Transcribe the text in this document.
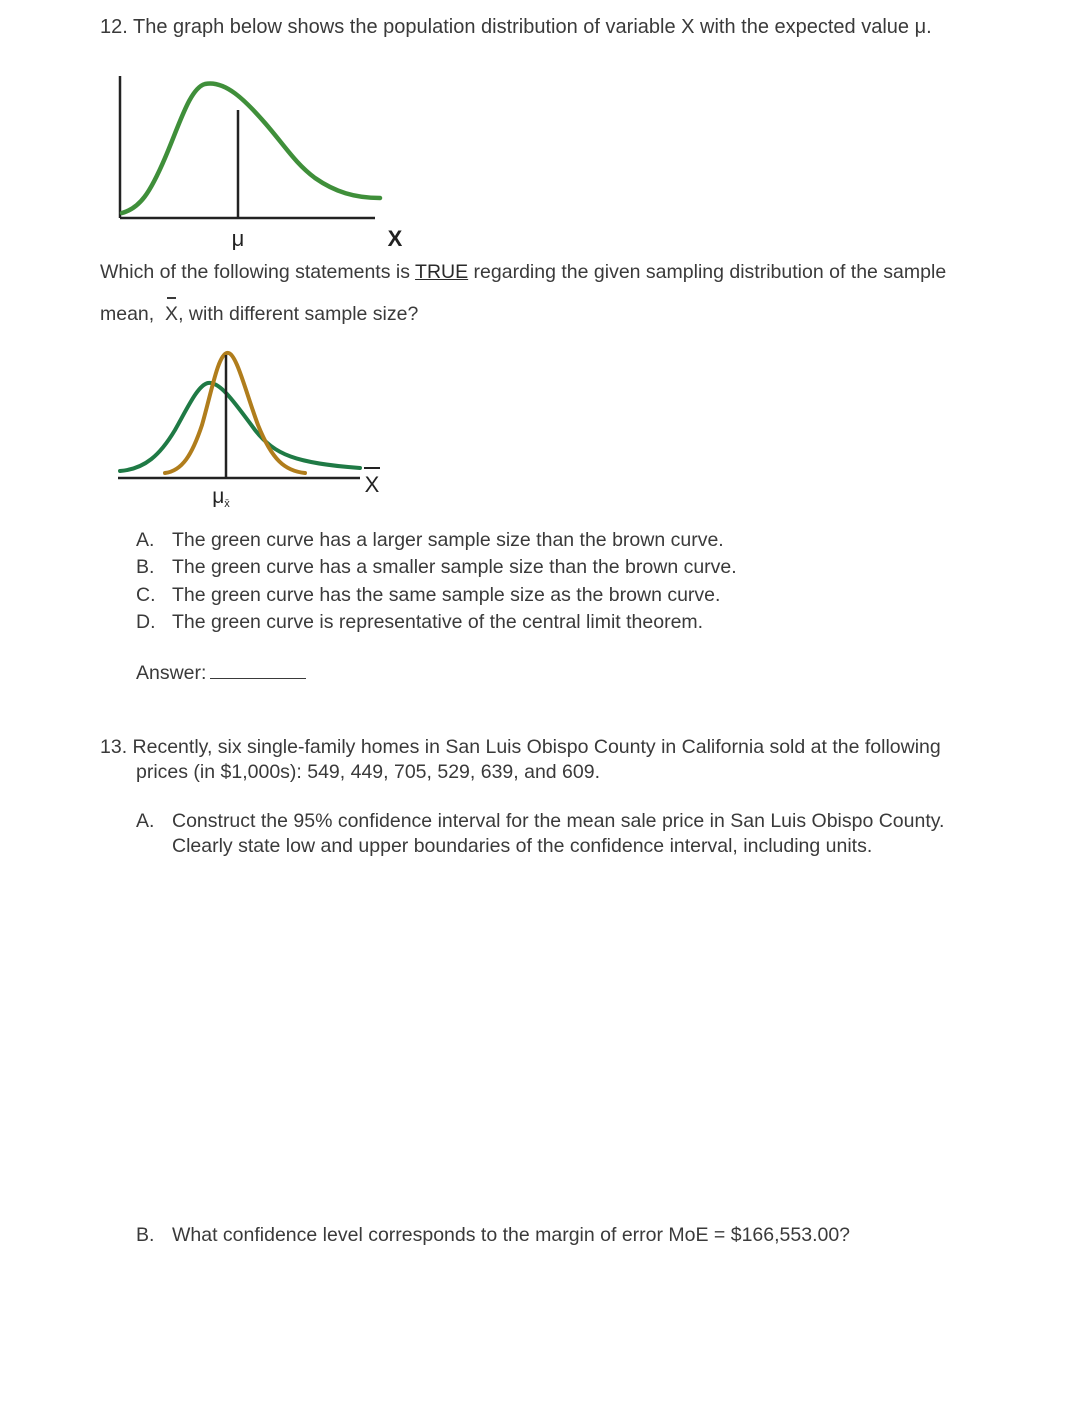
12. The graph below shows the population distribution of variable X with the expected value μ.
μ	X
Which of the following statements is TRUE regarding the given sampling distribution of the sample
mean, X, with different sample size?
μx̄
X
A. The green curve has a larger sample size than the brown curve.
B. The green curve has a smaller sample size than the brown curve.
C. The green curve has the same sample size as the brown curve.
D. The green curve is representative of the central limit theorem.
Answer:
13. Recently, six single-family homes in San Luis Obispo County in California sold at the following
prices (in $1,000s): 549, 449, 705, 529, 639, and 609.
A. Construct the 95% confidence interval for the mean sale price in San Luis Obispo County.
Clearly state low and upper boundaries of the confidence interval, including units.
B. What confidence level corresponds to the margin of error MoE = $166,553.00?
